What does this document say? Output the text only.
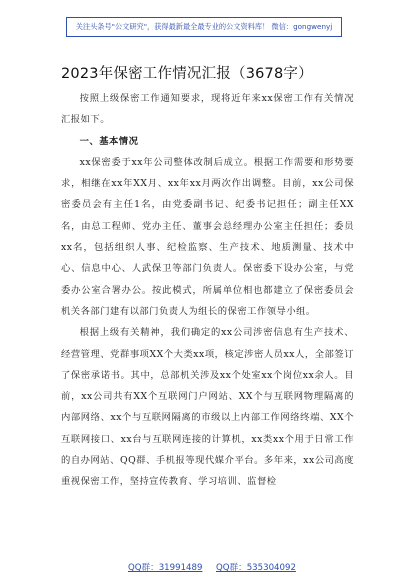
关注头条号"公文研究"，获得最新最全最专业的公文资料库！ 微信：gongwenyj
2023年保密工作情况汇报（3678字）

按照上级保密工作通知要求，现将近年来xx保密工作有关情况汇报如下。

一、基本情况

xx保密委于xx年公司整体改制后成立。根据工作需要和形势要求，相继在xx年XX月、xx年xx月两次作出调整。目前，xx公司保密委员会有主任1名，由党委副书记、纪委书记担任；副主任XX名，由总工程师、党办主任、董事会总经理办公室主任担任；委员xx名，包括组织人事、纪检监察、生产技术、地质测量、技术中心、信息中心、人武保卫等部门负责人。保密委下设办公室，与党委办公室合署办公。按此模式，所属单位相也都建立了保密委员会机关各部门建有以部门负责人为组长的保密工作领导小组。

根据上级有关精神，我们确定的xx公司涉密信息有生产技术、经营管理、党群事项XX个大类xx项，核定涉密人员xx人，全部签订了保密承诺书。其中，总部机关涉及xx个处室xx个岗位xx余人。目前，xx公司共有XX个互联网门户网站、XX个与互联网物理隔离的内部网络、xx个与互联网隔离的市级以上内部工作网络终端、XX个互联网接口、xx台与互联网连接的计算机，xx类xx个用于日常工作的自办网站、QQ群、手机报等现代媒介平台。多年来，xx公司高度重视保密工作，坚持宣传教育、学习培训、监督检

QQ群：31991489 QQ群：535304092
